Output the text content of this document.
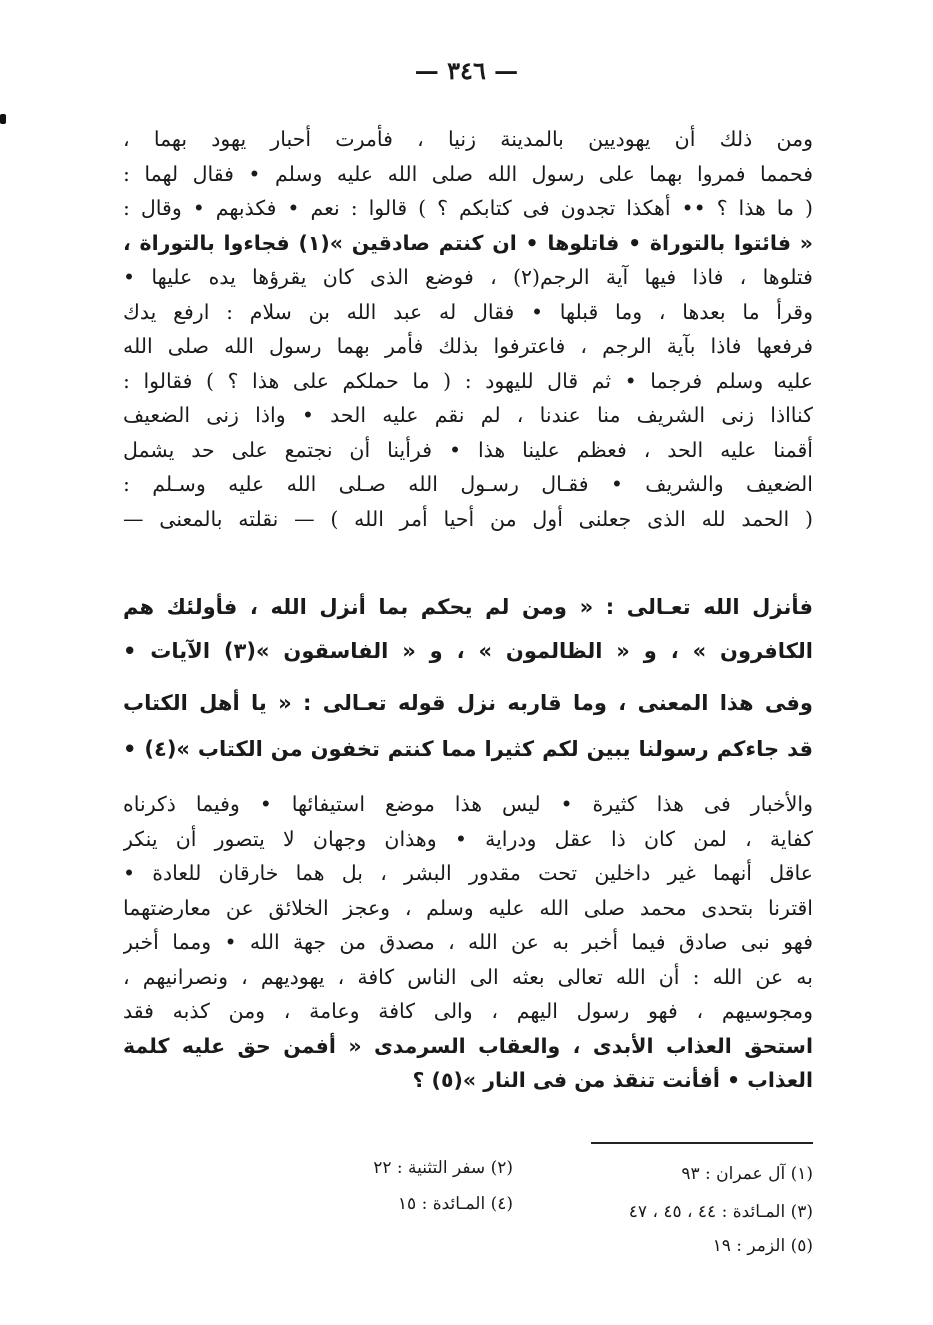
— ٣٤٦ —
ومن ذلك أن يهوديين بالمدينة زنيا ، فأمرت أحبار يهود بهما ،
فحمما فمروا بهما على رسول الله صلى الله عليه وسلم • فقال لهما :
( ما هذا ؟ •• أهكذا تجدون فى كتابكم ؟ ) قالوا : نعم • فكذبهم • وقال :
« فائتوا بالتوراة • فاتلوها • ان كنتم صادقين »(١) فجاءوا بالتوراة ،
فتلوها ، فاذا فيها آية الرجم(٢) ، فوضع الذى كان يقرؤها يده عليها •
وقرأ ما بعدها ، وما قبلها • فقال له عبد الله بن سلام : ارفع يدك
فرفعها فاذا بآية الرجم ، فاعترفوا بذلك فأمر بهما رسول الله صلى الله
عليه وسلم فرجما • ثم قال لليهود : ( ما حملكم على هذا ؟ ) فقالوا :
كنااذا زنى الشريف منا عندنا ، لم نقم عليه الحد • واذا زنى الضعيف
أقمنا عليه الحد ، فعظم علينا هذا • فرأينا أن نجتمع على حد يشمل
الضعيف والشريف • فقـال رسـول الله صـلى الله عليه وسـلم :
( الحمد لله الذى جعلنى أول من أحيا أمر الله ) — نقلته بالمعنى —
فأنزل الله تعـالى : « ومن لم يحكم بما أنزل الله ، فأولئك هم
الكافرون » ، و « الظالمون » ، و « الفاسقون »(٣) الآيات •
وفى هذا المعنى ، وما قاربه نزل قوله تعـالى : « يا أهل الكتاب
قد جاءكم رسولنا يبين لكم كثيرا مما كنتم تخفون من الكتاب »(٤) •
والأخبار فى هذا كثيرة • ليس هذا موضع استيفائها • وفيما ذكرناه
كفاية ، لمن كان ذا عقل ودراية • وهذان وجهان لا يتصور أن ينكر
عاقل أنهما غير داخلين تحت مقدور البشر ، بل هما خارقان للعادة •
اقترنا بتحدى محمد صلى الله عليه وسلم ، وعجز الخلائق عن معارضتهما
فهو نبى صادق فيما أخبر به عن الله ، مصدق من جهة الله • ومما أخبر
به عن الله : أن الله تعالى بعثه الى الناس كافة ، يهوديهم ، ونصرانيهم ،
ومجوسيهم ، فهو رسول اليهم ، والى كافة وعامة ، ومن كذبه فقد
استحق العذاب الأبدى ، والعقاب السرمدى « أفمن حق عليه كلمة
العذاب • أفأنت تنقذ من فى النار »(٥) ؟
(١) آل عمران : ٩٣
(٢) سفر التثنية : ٢٢
(٣) المـائدة : ٤٤ ، ٤٥ ، ٤٧
(٤) المـائدة : ١٥
(٥) الزمر : ١٩
